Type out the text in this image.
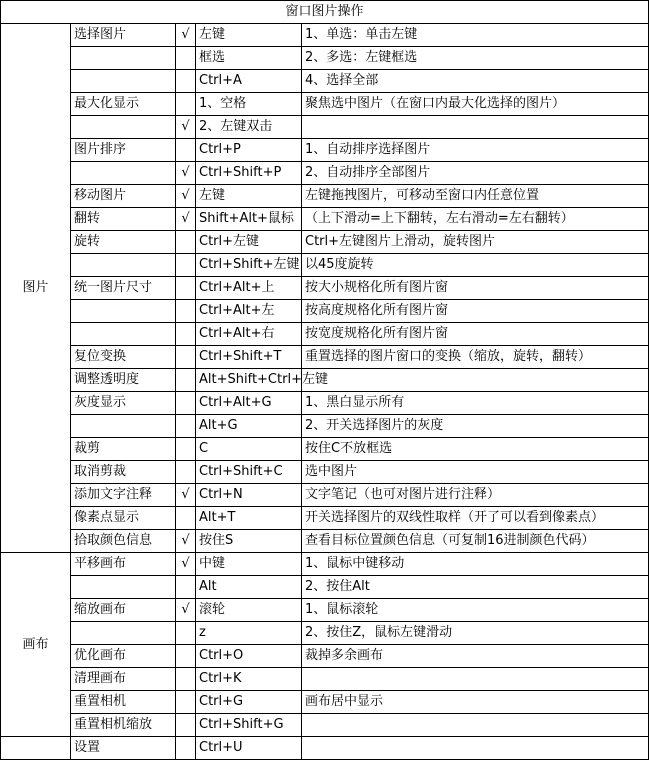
窗口图片操作				
图片	选择图片	√	左键	1、单选：单击左键
			框选	2、多选：左键框选
			Ctrl+A	4、选择全部
	最大化显示		1、空格	聚焦选中图片（在窗口内最大化选择的图片）
		√	2、左键双击	
	图片排序		Ctrl+P	1、自动排序选择图片
		√	Ctrl+Shift+P	2、自动排序全部图片
	移动图片	√	左键	左键拖拽图片，可移动至窗口内任意位置
	翻转	√	Shift+Alt+鼠标	（上下滑动=上下翻转，左右滑动=左右翻转）
	旋转		Ctrl+左键	Ctrl+左键图片上滑动，旋转图片
			Ctrl+Shift+左键	以45度旋转
	统一图片尺寸		Ctrl+Alt+上	按大小规格化所有图片窗
			Ctrl+Alt+左	按高度规格化所有图片窗
			Ctrl+Alt+右	按宽度规格化所有图片窗
	复位变换		Ctrl+Shift+T	重置选择的图片窗口的变换（缩放，旋转，翻转）
	调整透明度		Alt+Shift+Ctrl+左键	
	灰度显示		Ctrl+Alt+G	1、黑白显示所有
			Alt+G	2、开关选择图片的灰度
	裁剪		C	按住C不放框选
	取消剪裁		Ctrl+Shift+C	选中图片
	添加文字注释	√	Ctrl+N	文字笔记（也可对图片进行注释）
	像素点显示		Alt+T	开关选择图片的双线性取样（开了可以看到像素点）
	拾取颜色信息	√	按住S	查看目标位置颜色信息（可复制16进制颜色代码）
画布	平移画布	√	中键	1、鼠标中键移动
			Alt	2、按住Alt
	缩放画布	√	滚轮	1、鼠标滚轮
			z	2、按住Z，鼠标左键滑动
	优化画布		Ctrl+O	裁掉多余画布
	清理画布		Ctrl+K	
	重置相机		Ctrl+G	画布居中显示
	重置相机缩放		Ctrl+Shift+G	
	设置		Ctrl+U	
